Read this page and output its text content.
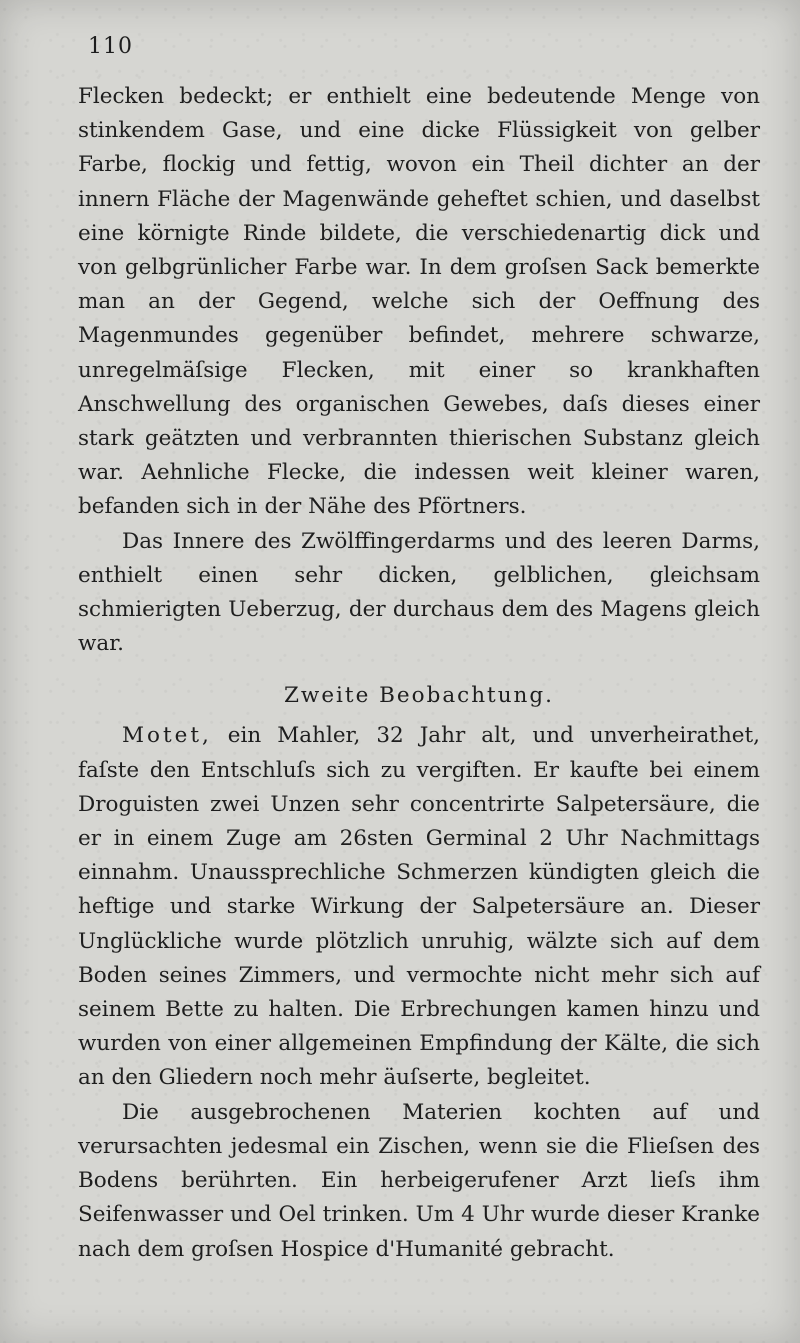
110

Flecken bedeckt; er enthielt eine bedeutende Menge von stinkendem Gase, und eine dicke Flüssigkeit von gelber Farbe, flockig und fettig, wovon ein Theil dichter an der innern Fläche der Magenwände geheftet schien, und daselbst eine körnigte Rinde bildete, die verschiedenartig dick und von gelbgrünlicher Farbe war. In dem groſsen Sack bemerkte man an der Gegend, welche sich der Oeffnung des Magenmundes gegenüber befindet, mehrere schwarze, unregelmäſsige Flecken, mit einer so krankhaften Anschwellung des organischen Gewebes, daſs dieses einer stark geätzten und verbrannten thierischen Substanz gleich war. Aehnliche Flecke, die indessen weit kleiner waren, befanden sich in der Nähe des Pförtners.

Das Innere des Zwölffingerdarms und des leeren Darms, enthielt einen sehr dicken, gelblichen, gleichsam schmierigten Ueberzug, der durchaus dem des Magens gleich war.

Zweite Beobachtung.

Motet, ein Mahler, 32 Jahr alt, und unverheirathet, faſste den Entschluſs sich zu vergiften. Er kaufte bei einem Droguisten zwei Unzen sehr concentrirte Salpetersäure, die er in einem Zuge am 26sten Germinal 2 Uhr Nachmittags einnahm. Unaussprechliche Schmerzen kündigten gleich die heftige und starke Wirkung der Salpetersäure an. Dieser Unglückliche wurde plötzlich unruhig, wälzte sich auf dem Boden seines Zimmers, und vermochte nicht mehr sich auf seinem Bette zu halten. Die Erbrechungen kamen hinzu und wurden von einer allgemeinen Empfindung der Kälte, die sich an den Gliedern noch mehr äuſserte, begleitet.

Die ausgebrochenen Materien kochten auf und verursachten jedesmal ein Zischen, wenn sie die Flieſsen des Bodens berührten. Ein herbeigerufener Arzt lieſs ihm Seifenwasser und Oel trinken. Um 4 Uhr wurde dieser Kranke nach dem groſsen Hospice d'Humanité gebracht.
